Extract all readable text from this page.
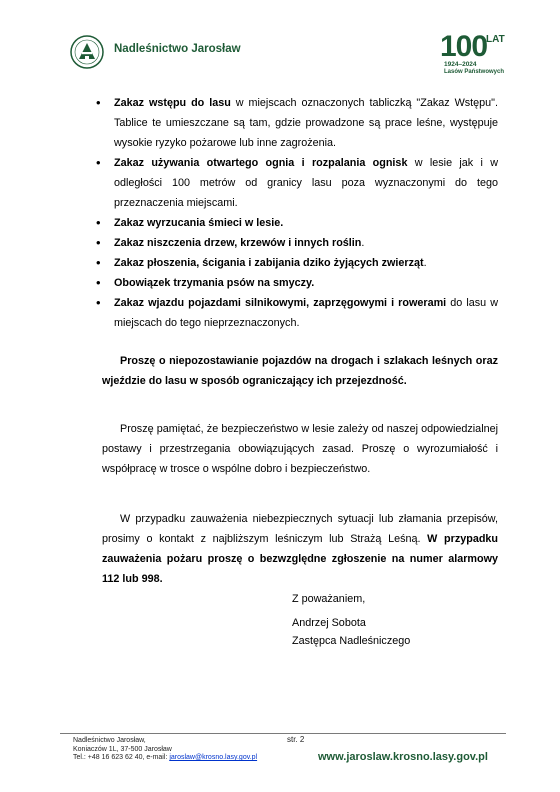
Nadleśnictwo Jarosław	100
LAT
1924–2024
Lasów Państwowych
• Zakaz wstępu do lasu w miejscach oznaczonych tabliczką "Zakaz Wstępu". Tablice te umieszczane są tam, gdzie prowadzone są prace leśne, występuje wysokie ryzyko pożarowe lub inne zagrożenia.
• Zakaz używania otwartego ognia i rozpalania ognisk w lesie jak i w odległości 100 metrów od granicy lasu poza wyznaczonymi do tego przeznaczenia miejscami.
• Zakaz wyrzucania śmieci w lesie.
• Zakaz niszczenia drzew, krzewów i innych roślin.
• Zakaz płoszenia, ścigania i zabijania dziko żyjących zwierząt.
• Obowiązek trzymania psów na smyczy.
• Zakaz wjazdu pojazdami silnikowymi, zaprzęgowymi i rowerami do lasu w miejscach do tego nieprzeznaczonych.

Proszę o niepozostawianie pojazdów na drogach i szlakach leśnych oraz wjeździe do lasu w sposób ograniczający ich przejezdność.

Proszę pamiętać, że bezpieczeństwo w lesie zależy od naszej odpowiedzialnej postawy i przestrzegania obowiązujących zasad. Proszę o wyrozumiałość i współpracę w trosce o wspólne dobro i bezpieczeństwo.

W przypadku zauważenia niebezpiecznych sytuacji lub złamania przepisów, prosimy o kontakt z najbliższym leśniczym lub Strażą Leśną. W przypadku zauważenia pożaru proszę o bezwzględne zgłoszenie na numer alarmowy 112 lub 998.

Z poważaniem,
Andrzej Sobota
Zastępca Nadleśniczego
Nadleśnictwo Jarosław,
Koniaczów 1L, 37-500 Jarosław
Tel.: +48 16 623 62 40, e-mail: jaroslaw@krosno.lasy.gov.pl
str. 2
www.jaroslaw.krosno.lasy.gov.pl
